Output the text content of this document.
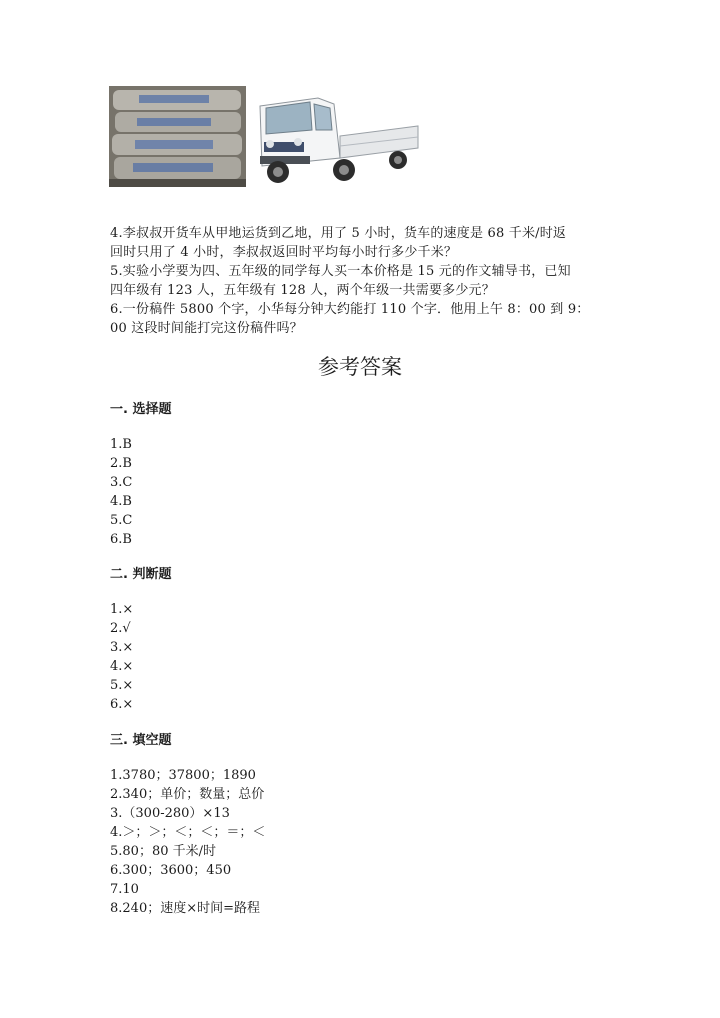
4.李叔叔开货车从甲地运货到乙地，用了 5 小时，货车的速度是 68 千米/时返
回时只用了 4 小时，李叔叔返回时平均每小时行多少千米？
5.实验小学要为四、五年级的同学每人买一本价格是 15 元的作文辅导书，已知
四年级有 123 人，五年级有 128 人，两个年级一共需要多少元？
6.一份稿件 5800 个字，小华每分钟大约能打 110 个字．他用上午 8：00 到 9：
00 这段时间能打完这份稿件吗？
参考答案
一. 选择题
1.B
2.B
3.C
4.B
5.C
6.B
二. 判断题
1.×
2.√
3.×
4.×
5.×
6.×
三. 填空题
1.3780；37800；1890
2.340；单价；数量；总价
3.（300-280）×13
4.＞；＞；＜；＜；＝；＜
5.80；80 千米/时
6.300；3600；450
7.10
8.240；速度×时间=路程
